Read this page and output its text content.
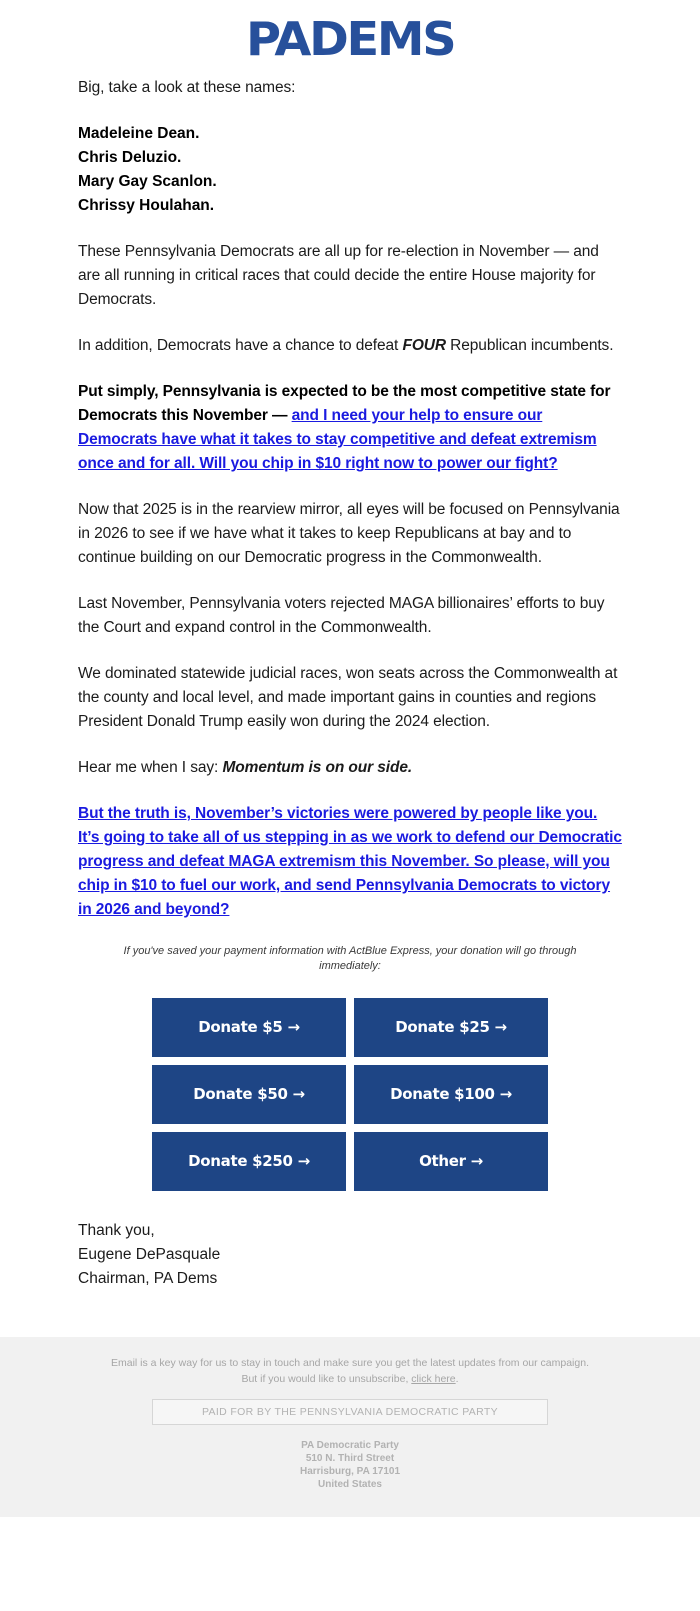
PADEMS

Big, take a look at these names:

Madeleine Dean.
Chris Deluzio.
Mary Gay Scanlon.
Chrissy Houlahan.

These Pennsylvania Democrats are all up for re-election in November — and are all running in critical races that could decide the entire House majority for Democrats.

In addition, Democrats have a chance to defeat FOUR Republican incumbents.

Put simply, Pennsylvania is expected to be the most competitive state for Democrats this November — and I need your help to ensure our Democrats have what it takes to stay competitive and defeat extremism once and for all. Will you chip in $10 right now to power our fight?

Now that 2025 is in the rearview mirror, all eyes will be focused on Pennsylvania in 2026 to see if we have what it takes to keep Republicans at bay and to continue building on our Democratic progress in the Commonwealth.

Last November, Pennsylvania voters rejected MAGA billionaires’ efforts to buy the Court and expand control in the Commonwealth.

We dominated statewide judicial races, won seats across the Commonwealth at the county and local level, and made important gains in counties and regions President Donald Trump easily won during the 2024 election.

Hear me when I say: Momentum is on our side.

But the truth is, November’s victories were powered by people like you. It’s going to take all of us stepping in as we work to defend our Democratic progress and defeat MAGA extremism this November. So please, will you chip in $10 to fuel our work, and send Pennsylvania Democrats to victory in 2026 and beyond?

If you've saved your payment information with ActBlue Express, your donation will go through immediately:
Donate $5 →	Donate $25 →

Donate $50 →	Donate $100 →

Donate $250 →	Other →
Thank you,
Eugene DePasquale
Chairman, PA Dems

Email is a key way for us to stay in touch and make sure you get the latest updates from our campaign.

But if you would like to unsubscribe, click here.

PAID FOR BY THE PENNSYLVANIA DEMOCRATIC PARTY
PA Democratic Party
510 N. Third Street
Harrisburg, PA 17101
United States
